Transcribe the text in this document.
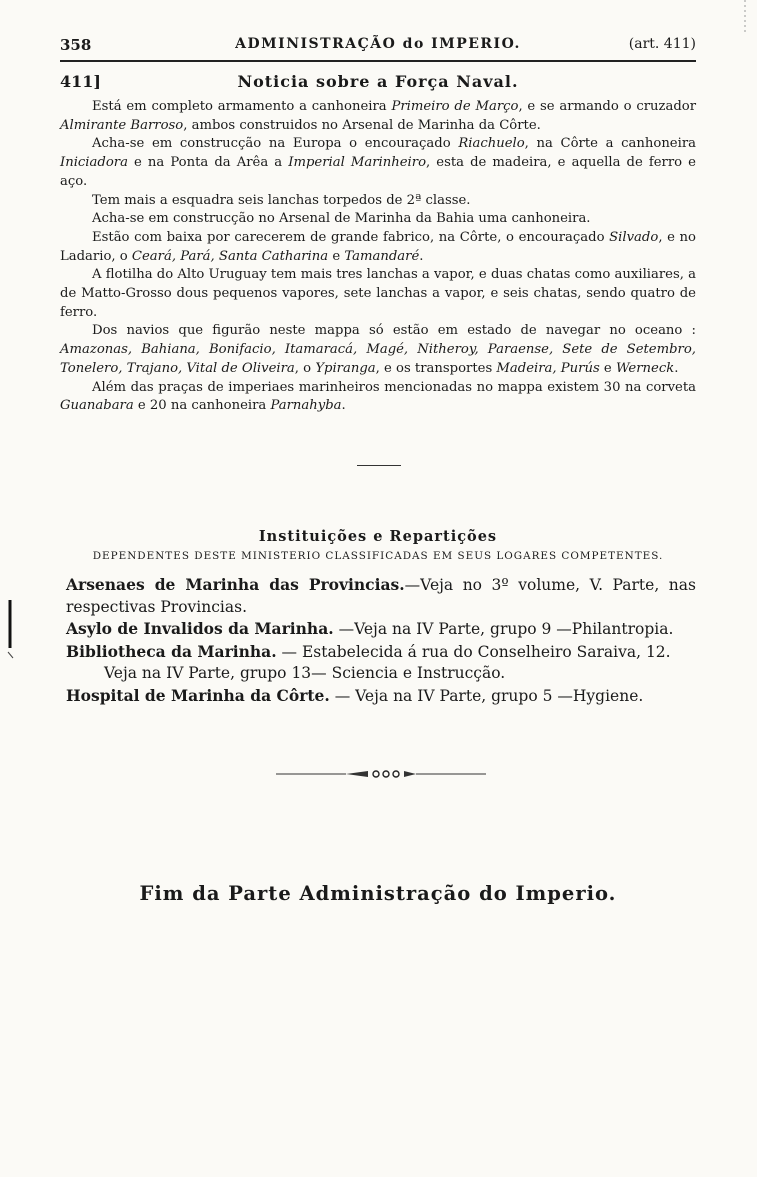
358	ADMINISTRAÇÃO do IMPERIO.	(art. 411)
411]	Noticia sobre a Força Naval.

Está em completo armamento a canhoneira Primeiro de Março, e se armando o cruzador Almirante Barroso, ambos construidos no Arsenal de Marinha da Côrte.

Acha-se em construcção na Europa o encouraçado Riachuelo, na Côrte a canhoneira Iniciadora e na Ponta da Arêa a Imperial Marinheiro, esta de madeira, e aquella de ferro e aço.

Tem mais a esquadra seis lanchas torpedos de 2ª classe.

Acha-se em construcção no Arsenal de Marinha da Bahia uma canhoneira.

Estão com baixa por carecerem de grande fabrico, na Côrte, o encouraçado Silvado, e no Ladario, o Ceará, Pará, Santa Catharina e Tamandaré.

A flotilha do Alto Uruguay tem mais tres lanchas a vapor, e duas chatas como auxiliares, a de Matto-Grosso dous pequenos vapores, sete lanchas a vapor, e seis chatas, sendo quatro de ferro.

Dos navios que figurão neste mappa só estão em estado de navegar no oceano : Amazonas, Bahiana, Bonifacio, Itamaracá, Magé, Nitheroy, Paraense, Sete de Setembro, Tonelero, Trajano, Vital de Oliveira, o Ypiranga, e os transportes Madeira, Purús e Werneck.

Além das praças de imperiaes marinheiros mencionadas no mappa existem 30 na corveta Guanabara e 20 na canhoneira Parnahyba.

Instituições e Repartições
DEPENDENTES DESTE MINISTERIO CLASSIFICADAS EM SEUS LOGARES COMPETENTES.

Arsenaes de Marinha das Provincias.—Veja no 3º volume, V. Parte, nas respectivas Provincias.

Asylo de Invalidos da Marinha. —Veja na IV Parte, grupo 9 —Philantropia.

Bibliotheca da Marinha. — Estabelecida á rua do Conselheiro Saraiva, 12.

Veja na IV Parte, grupo 13— Sciencia e Instrucção.

Hospital de Marinha da Côrte. — Veja na IV Parte, grupo 5 —Hygiene.

Fim da Parte Administração do Imperio.
